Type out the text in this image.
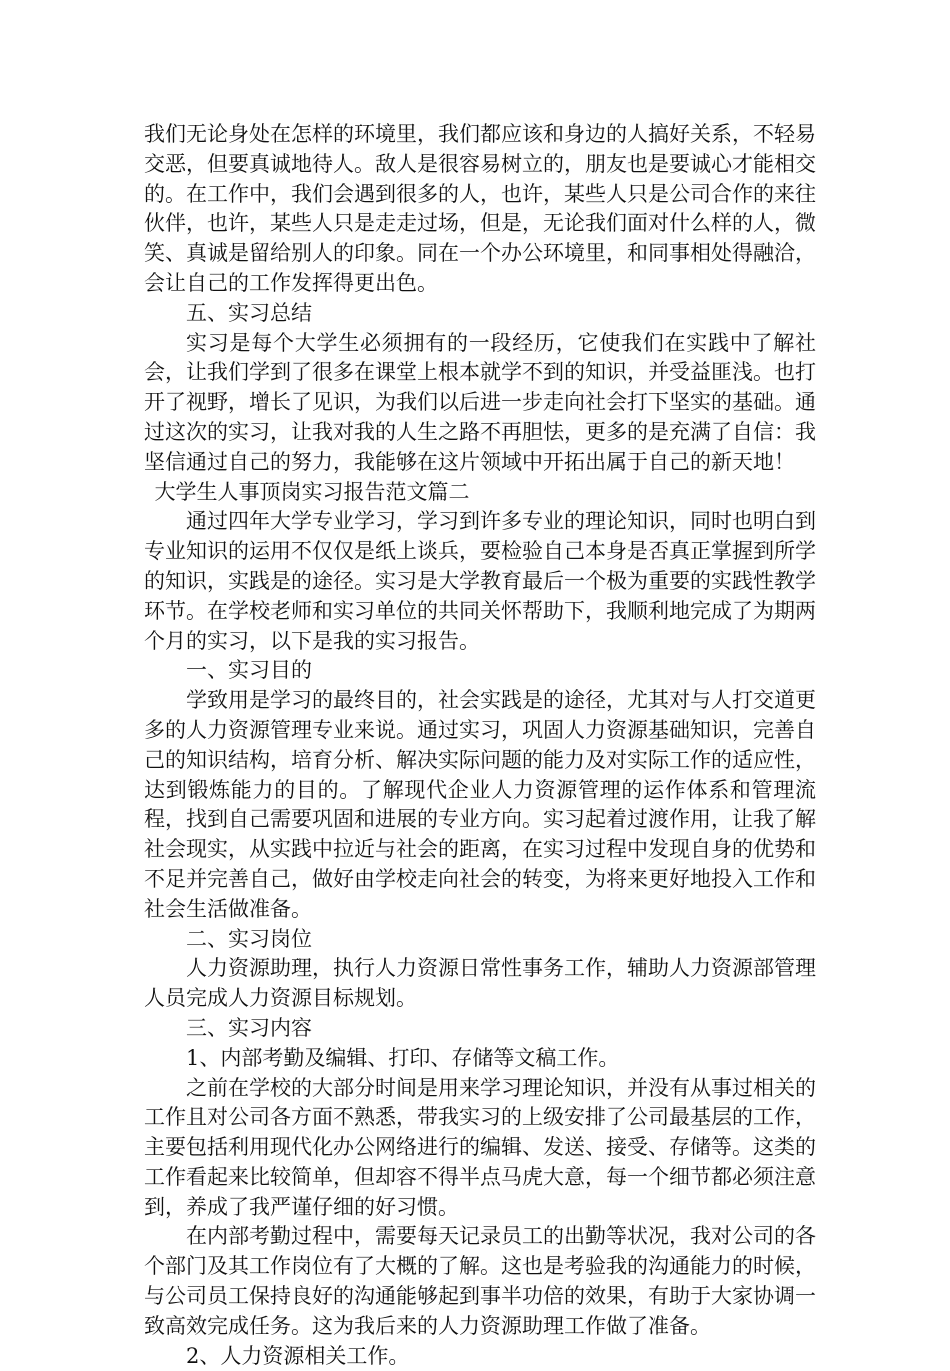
我们无论身处在怎样的环境里，我们都应该和身边的人搞好关系，不轻易交恶，但要真诚地待人。敌人是很容易树立的，朋友也是要诚心才能相交的。在工作中，我们会遇到很多的人，也许，某些人只是公司合作的来往伙伴，也许，某些人只是走走过场，但是，无论我们面对什么样的人，微笑、真诚是留给别人的印象。同在一个办公环境里，和同事相处得融洽，会让自己的工作发挥得更出色。

五、实习总结

实习是每个大学生必须拥有的一段经历，它使我们在实践中了解社会，让我们学到了很多在课堂上根本就学不到的知识，并受益匪浅。也打开了视野，增长了见识，为我们以后进一步走向社会打下坚实的基础。通过这次的实习，让我对我的人生之路不再胆怯，更多的是充满了自信：我坚信通过自己的努力，我能够在这片领域中开拓出属于自己的新天地！

大学生人事顶岗实习报告范文篇二

通过四年大学专业学习，学习到许多专业的理论知识，同时也明白到专业知识的运用不仅仅是纸上谈兵，要检验自己本身是否真正掌握到所学的知识，实践是的途径。实习是大学教育最后一个极为重要的实践性教学环节。在学校老师和实习单位的共同关怀帮助下，我顺利地完成了为期两个月的实习，以下是我的实习报告。

一、实习目的

学致用是学习的最终目的，社会实践是的途径，尤其对与人打交道更多的人力资源管理专业来说。通过实习，巩固人力资源基础知识，完善自己的知识结构，培育分析、解决实际问题的能力及对实际工作的适应性，达到锻炼能力的目的。了解现代企业人力资源管理的运作体系和管理流程，找到自己需要巩固和进展的专业方向。实习起着过渡作用，让我了解社会现实，从实践中拉近与社会的距离，在实习过程中发现自身的优势和不足并完善自己，做好由学校走向社会的转变，为将来更好地投入工作和社会生活做准备。

二、实习岗位

人力资源助理，执行人力资源日常性事务工作，辅助人力资源部管理人员完成人力资源目标规划。

三、实习内容

1、内部考勤及编辑、打印、存储等文稿工作。

之前在学校的大部分时间是用来学习理论知识，并没有从事过相关的工作且对公司各方面不熟悉，带我实习的上级安排了公司最基层的工作，主要包括利用现代化办公网络进行的编辑、发送、接受、存储等。这类的工作看起来比较简单，但却容不得半点马虎大意，每一个细节都必须注意到，养成了我严谨仔细的好习惯。

在内部考勤过程中，需要每天记录员工的出勤等状况，我对公司的各个部门及其工作岗位有了大概的了解。这也是考验我的沟通能力的时候，与公司员工保持良好的沟通能够起到事半功倍的效果，有助于大家协调一致高效完成任务。这为我后来的人力资源助理工作做了准备。

2、人力资源相关工作。
